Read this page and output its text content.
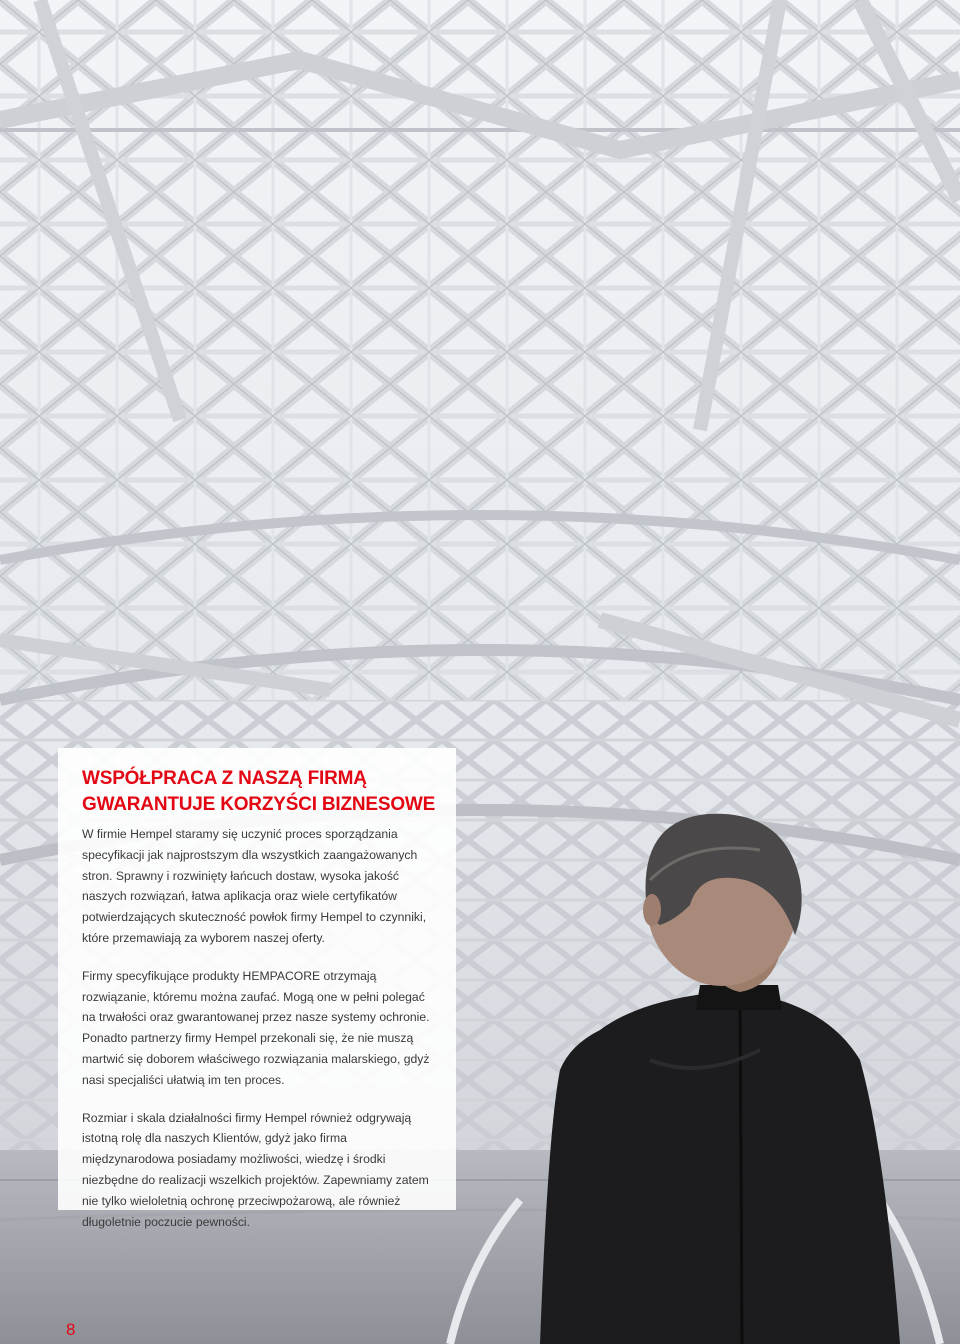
WSPÓŁPRACA Z NASZĄ FIRMĄ
GWARANTUJE KORZYŚCI BIZNESOWE

W firmie Hempel staramy się uczynić proces sporządzania specyfikacji jak najprostszym dla wszystkich zaangażowanych stron. Sprawny i rozwinięty łańcuch dostaw, wysoka jakość naszych rozwiązań, łatwa aplikacja oraz wiele certyfikatów potwierdzających skuteczność powłok firmy Hempel to czynniki, które przemawiają za wyborem naszej oferty.

Firmy specyfikujące produkty HEMPACORE otrzymają rozwiązanie, któremu można zaufać. Mogą one w pełni polegać na trwałości oraz gwarantowanej przez nasze systemy ochronie. Ponadto partnerzy firmy Hempel przekonali się, że nie muszą martwić się doborem właściwego rozwiązania malarskiego, gdyż nasi specjaliści ułatwią im ten proces.

Rozmiar i skala działalności firmy Hempel również odgrywają istotną rolę dla naszych Klientów, gdyż jako firma międzynarodowa posiadamy możliwości, wiedzę i środki niezbędne do realizacji wszelkich projektów. Zapewniamy zatem nie tylko wieloletnią ochronę przeciwpożarową, ale również długoletnie poczucie pewności.

8
